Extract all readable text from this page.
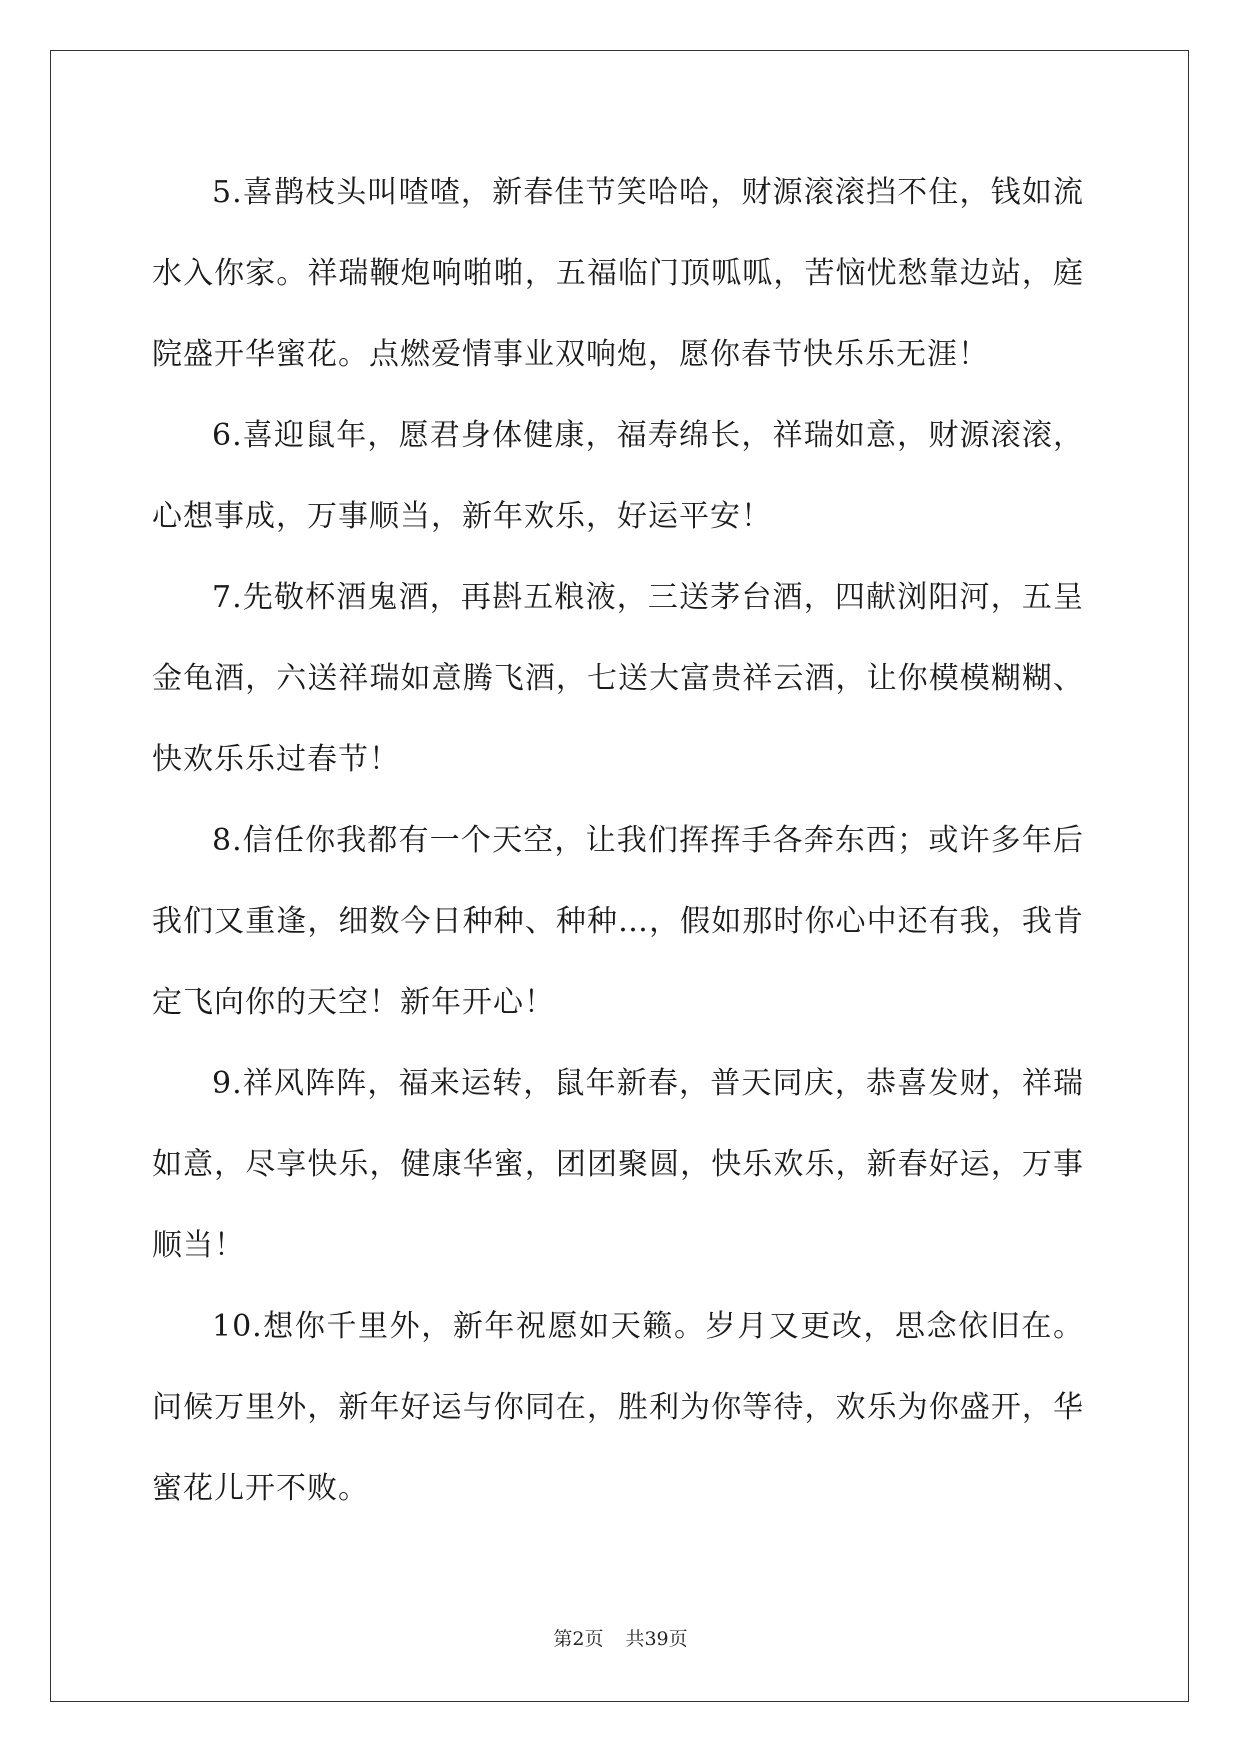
5.喜鹊枝头叫喳喳，新春佳节笑哈哈，财源滚滚挡不住，钱如流水入你家。祥瑞鞭炮响啪啪，五福临门顶呱呱，苦恼忧愁靠边站，庭院盛开华蜜花。点燃爱情事业双响炮，愿你春节快乐乐无涯！

6.喜迎鼠年，愿君身体健康，福寿绵长，祥瑞如意，财源滚滚，心想事成，万事顺当，新年欢乐，好运平安！

7.先敬杯酒鬼酒，再斟五粮液，三送茅台酒，四献浏阳河，五呈金龟酒，六送祥瑞如意腾飞酒，七送大富贵祥云酒，让你模模糊糊、快欢乐乐过春节！

8.信任你我都有一个天空，让我们挥挥手各奔东西；或许多年后我们又重逢，细数今日种种、种种…，假如那时你心中还有我，我肯定飞向你的天空！新年开心！

9.祥风阵阵，福来运转，鼠年新春，普天同庆，恭喜发财，祥瑞如意，尽享快乐，健康华蜜，团团聚圆，快乐欢乐，新春好运，万事顺当！

10.想你千里外，新年祝愿如天籁。岁月又更改，思念依旧在。问候万里外，新年好运与你同在，胜利为你等待，欢乐为你盛开，华蜜花儿开不败。

第2页 共39页
